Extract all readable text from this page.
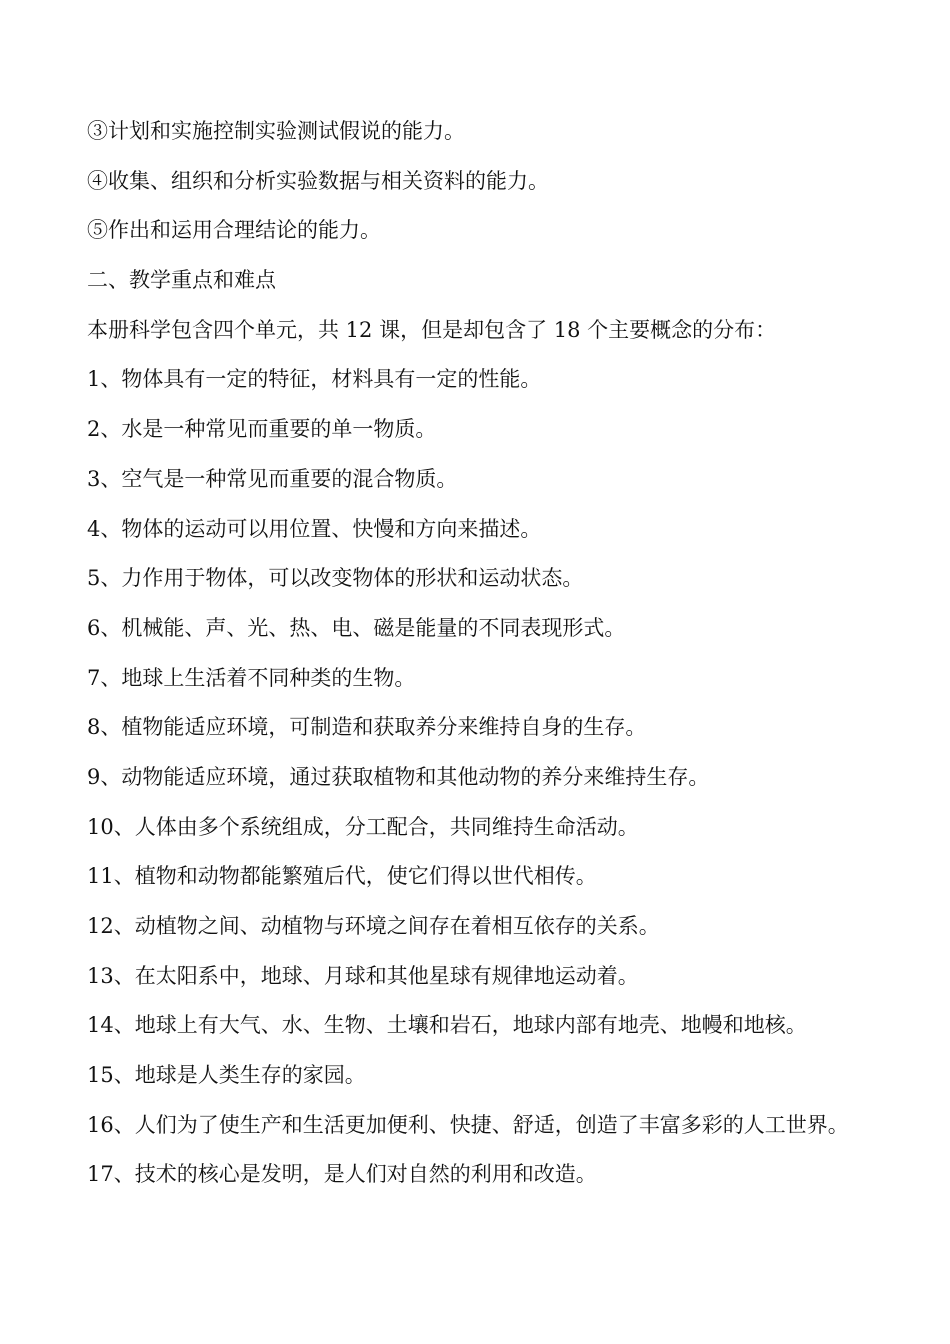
③计划和实施控制实验测试假说的能力。
④收集、组织和分析实验数据与相关资料的能力。
⑤作出和运用合理结论的能力。
二、教学重点和难点
本册科学包含四个单元，共 12 课，但是却包含了 18 个主要概念的分布：
1、物体具有一定的特征，材料具有一定的性能。
2、水是一种常见而重要的单一物质。
3、空气是一种常见而重要的混合物质。
4、物体的运动可以用位置、快慢和方向来描述。
5、力作用于物体，可以改变物体的形状和运动状态。
6、机械能、声、光、热、电、磁是能量的不同表现形式。
7、地球上生活着不同种类的生物。
8、植物能适应环境，可制造和获取养分来维持自身的生存。
9、动物能适应环境，通过获取植物和其他动物的养分来维持生存。
10、人体由多个系统组成，分工配合，共同维持生命活动。
11、植物和动物都能繁殖后代，使它们得以世代相传。
12、动植物之间、动植物与环境之间存在着相互依存的关系。
13、在太阳系中，地球、月球和其他星球有规律地运动着。
14、地球上有大气、水、生物、土壤和岩石，地球内部有地壳、地幔和地核。
15、地球是人类生存的家园。
16、人们为了使生产和生活更加便利、快捷、舒适，创造了丰富多彩的人工世界。
17、技术的核心是发明，是人们对自然的利用和改造。
